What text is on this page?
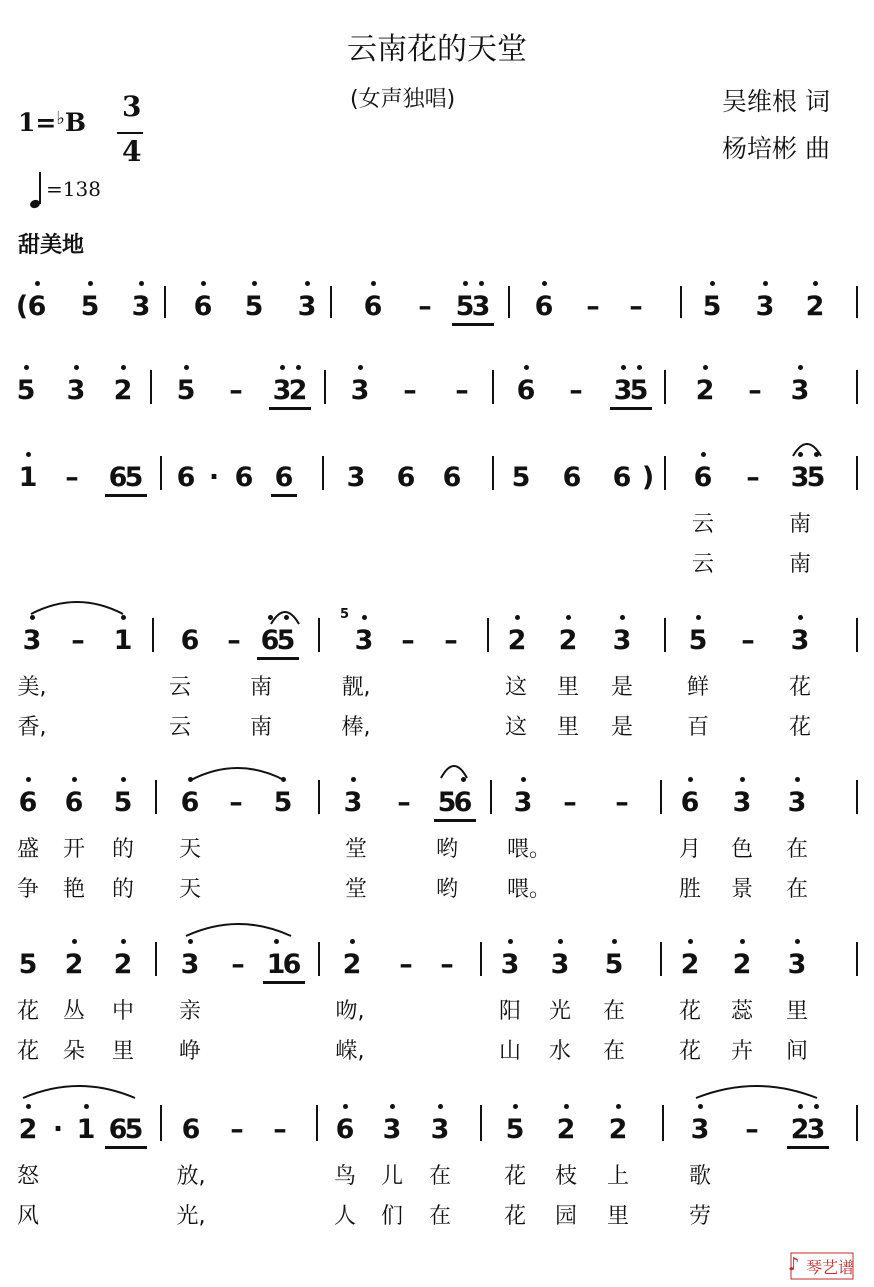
云南花的天堂
(女声独唱)	吴维根 词
杨培彬 曲
1=♭B 3
4
=138
甜美地
( 6 5 3 6 5 3 6 – 5
3 6 – – 5 3 2
5 3 2 5 – 3
2 3 – – 6 – 3
5 2 – 3
1 – 6
5 6 · 6 6 3 6 6 5 6 6 ) 6 – 3
5
云	南
云	南
3 – 1 6 – 6
5 3 – – 2 2 3 5 – 3
美,	云	南	靓,	这 里 是 鲜	花
香,	云	南	棒,	这 里 是 百	花
6 6 5 6 – 5 3 – 5
6 3 – – 6 3 3
盛 开 的 天	堂	哟 喂。	月 色 在
争 艳 的 天	堂	哟 喂。	胜 景 在
5 2 2 3 – 1
6 2 – – 3 3 5 2 2 3
花 丛 中 亲	吻,	阳 光 在 花 蕊 里
花 朵 里 峥	嵘,	山 水 在 花 卉 间
2 · 1 6
5 6 – – 6 3 3 5 2 2 3 – 2
3
怒	放,	鸟 儿 在 花 枝 上	歌
风	光,	人 们 在 花 园 里	劳
5
♪ 琴艺谱
